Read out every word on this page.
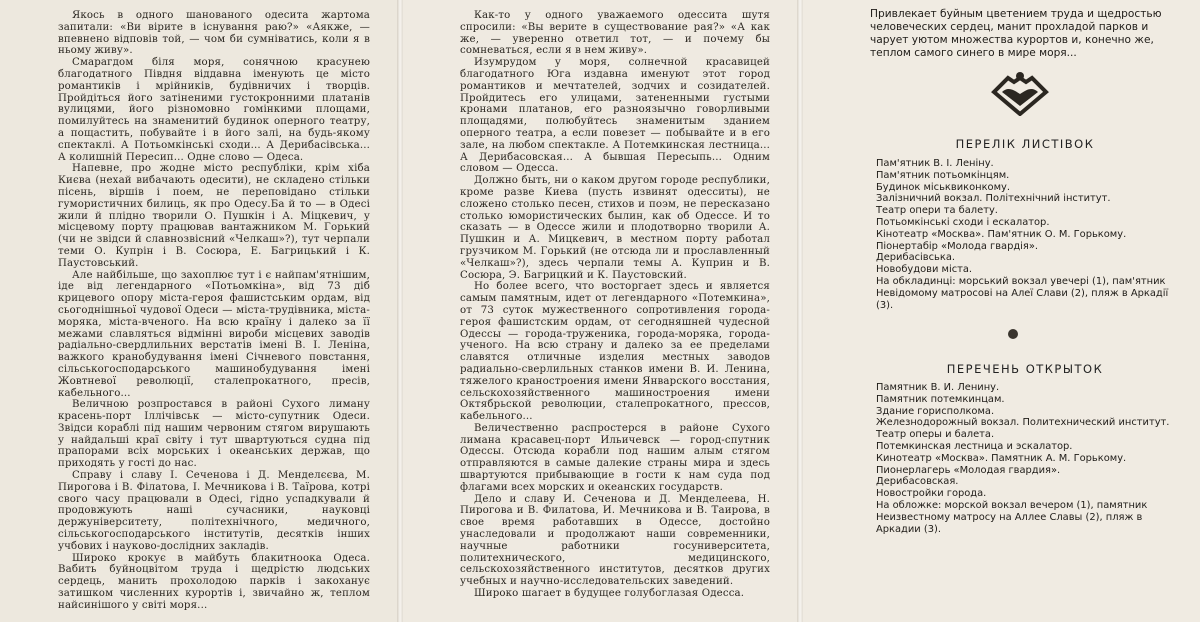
Якось в одного шанованого одесита жартома запитали: «Ви вірите в існування раю?» «Аякже, — впевнено відповів той, — чом би сумніватись, коли я в ньому живу».

Смарагдом біля моря, сонячною красунею благодатного Півдня віддавна іменують це місто романтиків і мрійників, будівничих і творців. Пройдіться його затіненими густокронними платанів вулицями, його різномовно гомінкими площами, помилуйтесь на знаменитий будинок оперного театру, а пощастить, побувайте і в його залі, на будь-якому спектаклі. А Потьомкінські сходи... А Дерибасівська... А колишній Пересип... Одне слово — Одеса.

Напевне, про жодне місто республіки, крім хіба Києва (нехай вибачають одесити), не складено стільки пісень, віршів і поем, не переповідано стільки гумористичних билиць, як про Одесу.Ба й то — в Одесі жили й плідно творили О. Пушкін і А. Міцкевич, у місцевому порту працював вантажником М. Горький (чи не звідси й славнозвісний «Челкаш»?), тут черпали теми О. Купрін і В. Сосюра, Е. Багрицький і К. Паустовський.

Але найбільше, що захоплює тут і є найпам'ятнішим, іде від легендарного «Потьомкіна», від 73 діб крицевого опору міста-героя фашистським ордам, від сьогоднішньої чудової Одеси — міста-трудівника, міста-моряка, міста-вченого. На всю країну і далеко за її межами славляться відмінні вироби місцевих заводів радіально-свердлильних верстатів імені В. І. Леніна, важкого кранобудування імені Січневого повстання, сільськогосподарського машинобудування імені Жовтневої революції, сталепрокатного, пресів, кабельного...

Величною розпростався в районі Сухого лиману красень-порт Іллічівськ — місто-супутник Одеси. Звідси кораблі під нашим червоним стягом вирушають у найдальші краї світу і тут швартуються судна під прапорами всіх морських і океанських держав, що приходять у гості до нас.

Справу і славу І. Сеченова і Д. Менделєєва, М. Пирогова і В. Філатова, І. Мечникова і В. Таїрова, котрі свого часу працювали в Одесі, гідно успадкували й продовжують наші сучасники, науковці держуніверситету, політехнічного, медичного, сільськогосподарського інститутів, десятків інших учбових і науково-дослідних закладів.

Широко крокує в майбуть блакитноока Одеса. Вабить буйноцвітом труда і щедрістю людських сердець, манить прохолодою парків і закоханує затишком численних курортів і, звичайно ж, теплом найсинішого у світі моря...

Как-то у одного уважаемого одессита шутя спросили: «Вы верите в существование рая?» «А как же, — уверенно ответил тот, — и почему бы сомневаться, если я в нем живу».

Изумрудом у моря, солнечной красавицей благодатного Юга издавна именуют этот город романтиков и мечтателей, зодчих и созидателей. Пройдитесь его улицами, затененными густыми кронами платанов, его разноязычно говорливыми площадями, полюбуйтесь знаменитым зданием оперного театра, а если повезет — побывайте и в его зале, на любом спектакле. А Потемкинская лестница... А Дерибасовская... А бывшая Пересыпь... Одним словом — Одесса.

Должно быть, ни о каком другом городе республики, кроме разве Киева (пусть извинят одесситы), не сложено столько песен, стихов и поэм, не пересказано столько юмористических былин, как об Одессе. И то сказать — в Одессе жили и плодотворно творили А. Пушкин и А. Мицкевич, в местном порту работал грузчиком М. Горький (не отсюда ли и прославленный «Челкаш»?), здесь черпали темы А. Куприн и В. Сосюра, Э. Багрицкий и К. Паустовский.

Но более всего, что восторгает здесь и является самым памятным, идет от легендарного «Потемкина», от 73 суток мужественного сопротивления города-героя фашистским ордам, от сегодняшней чудесной Одессы — города-труженика, города-моряка, города-ученого. На всю страну и далеко за ее пределами славятся отличные изделия местных заводов радиально-сверлильных станков имени В. И. Ленина, тяжелого краностроения имени Январского восстания, сельскохозяйственного машиностроения имени Октябрьской революции, сталепрокатного, прессов, кабельного...

Величественно распростерся в районе Сухого лимана красавец-порт Ильичевск — город-спутник Одессы. Отсюда корабли под нашим алым стягом отправляются в самые далекие страны мира и здесь швартуются прибывающие в гости к нам суда под флагами всех морских и океанских государств.

Дело и славу И. Сеченова и Д. Менделеева, Н. Пирогова и В. Филатова, И. Мечникова и В. Таирова, в свое время работавших в Одессе, достойно унаследовали и продолжают наши современники, научные работники госуниверситета, политехнического, медицинского, сельскохозяйственного институтов, десятков других учебных и научно-исследовательских заведений.

Широко шагает в будущее голубоглазая Одесса.

Привлекает буйным цветением труда и щедростью человеческих сердец, манит прохладой парков и чарует уютом множества курортов и, конечно же, теплом самого синего в мире моря...
ПЕРЕЛІК ЛИСТІВОК
Пам'ятник В. І. Леніну.
Пам'ятник потьомкінцям.
Будинок міськвиконкому.
Залізничний вокзал. Політехнічний інститут.
Театр опери та балету.
Потьомкінські сходи і ескалатор.
Кінотеатр «Москва». Пам'ятник О. М. Горькому.
Піонертабір «Молода гвардія».
Дерибасівська.
Новобудови міста.
На обкладинці: морський вокзал увечері (1), пам'ятник Невідомому матросові на Алеї Слави (2), пляж в Аркадії (3).
ПЕРЕЧЕНЬ ОТКРЫТОК
Памятник В. И. Ленину.
Памятник потемкинцам.
Здание горисполкома.
Железнодорожный вокзал. Политехнический институт.
Театр оперы и балета.
Потемкинская лестница и эскалатор.
Кинотеатр «Москва». Памятник А. М. Горькому.
Пионерлагерь «Молодая гвардия».
Дерибасовская.
Новостройки города.
На обложке: морской вокзал вечером (1), памятник Неизвестному матросу на Аллее Славы (2), пляж в Аркадии (3).
